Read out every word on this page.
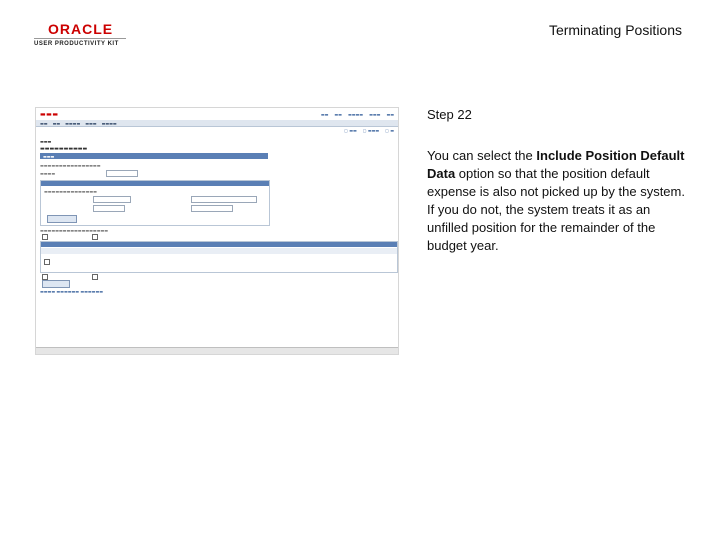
ORACLE
USER PRODUCTIVITY KIT
Terminating Positions
▬▬▬	▬▬ ▬▬ ▬▬▬▬ ▬▬▬ ▬▬
▬▬ ▬▬ ▬▬▬▬ ▬▬▬ ▬▬▬▬
▢ ▬▬ ▢ ▬▬▬ ▢ ▬
▬▬▬
▬▬▬▬▬▬▬▬▬▬
▬▬▬
▬▬▬▬▬▬▬▬▬▬▬▬▬▬▬▬
▬▬▬▬
▬▬▬▬▬▬▬▬▬▬▬▬▬▬
▬▬▬▬▬▬▬▬▬▬▬▬▬▬▬▬▬▬
▬▬▬▬ ▬▬▬▬▬▬ ▬▬▬▬▬▬
Step 22
You can select the Include Position Default Data option so that the position default expense is also not picked up by the system. If you do not, the system treats it as an unfilled position for the remainder of the budget year.
